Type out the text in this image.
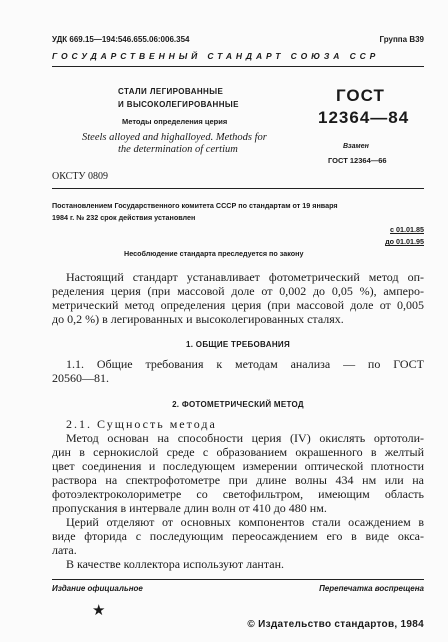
УДК 669.15—194:546.655.06:006.354	Группа В39
ГОСУДАРСТВЕННЫЙ СТАНДАРТ СОЮЗА ССР
СТАЛИ ЛЕГИРОВАННЫЕ
И ВЫСОКОЛЕГИРОВАННЫЕ
Методы определения церия
Steels alloyed and highalloyed. Methods for
the determination of certium
ГОСТ
12364—84
Взамен
ГОСТ 12364—66
ОКСТУ 0809
Постановлением Государственного комитета СССР по стандартам от 19 января
1984 г. № 232 срок действия установлен
с 01.01.85
до 01.01.95
Несоблюдение стандарта преследуется по закону
Настоящий стандарт устанавливает фотометрический метод оп-
ределения церия (при массовой доле от 0,002 до 0,05 %), ампеpo-
метрический метод определения церия (при массовой доле от 0,005
до 0,2 %) в легированных и высоколегированных сталях.
1. ОБЩИЕ ТРЕБОВАНИЯ
1.1. Общие требования к методам анализа — по ГОСТ
20560—81.
2. ФОТОМЕТРИЧЕСКИЙ МЕТОД
2.1. Сущность метода
Метод основан на способности церия (IV) окислять ортотоли-
дин в сернокислой среде с образованием окрашенного в желтый
цвет соединения и последующем измерении оптической плотности
раствора на спектрофотометре при длине волны 434 нм или на
фотоэлектроколориметре со светофильтром, имеющим область
пропускания в интервале длин волн от 410 до 480 нм.
Церий отделяют от основных компонентов стали осаждением в
виде фторида с последующим переосаждением его в виде оксa-
лата.
В качестве коллектора используют лантан.
Издание официальное	Перепечатка воспрещена
★
© Издательство стандартов, 1984
